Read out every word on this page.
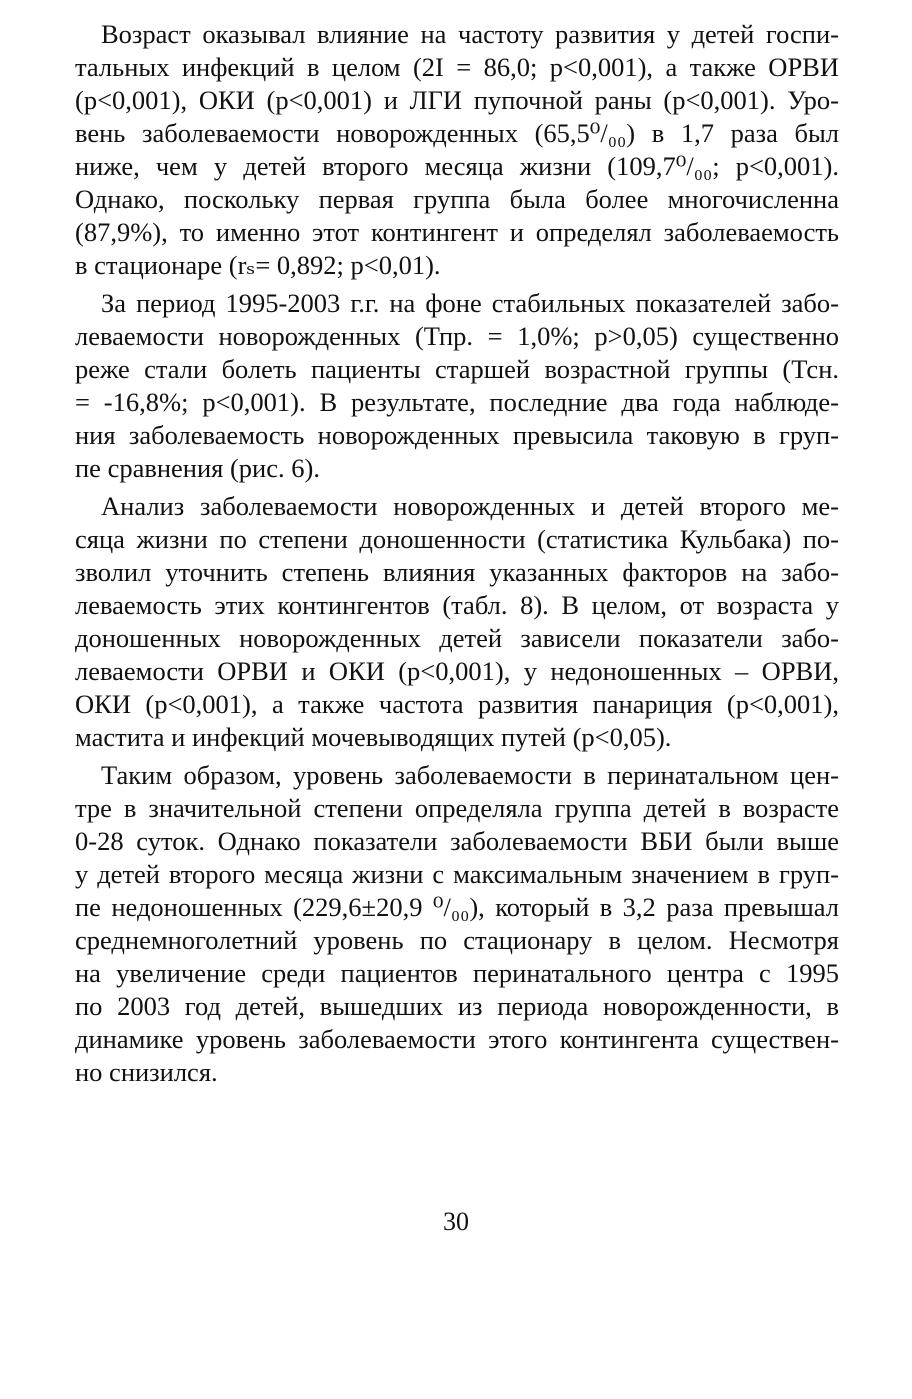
Возраст оказывал влияние на частоту развития у детей госпи-
тальных инфекций в целом (2I = 86,0; p<0,001), а также ОРВИ
(p<0,001), ОКИ (p<0,001) и ЛГИ пупочной раны (p<0,001). Уро-
вень заболеваемости новорожденных (65,5⁰/₀₀) в 1,7 раза был
ниже, чем у детей второго месяца жизни (109,7⁰/₀₀; p<0,001).
Однако, поскольку первая группа была более многочисленна
(87,9%), то именно этот контингент и определял заболеваемость
в стационаре (rₛ= 0,892; p<0,01).
За период 1995-2003 г.г. на фоне стабильных показателей забо-
леваемости новорожденных (Тпр. = 1,0%; p>0,05) существенно
реже стали болеть пациенты старшей возрастной группы (Тсн.
= -16,8%; p<0,001). В результате, последние два года наблюде-
ния заболеваемость новорожденных превысила таковую в груп-
пе сравнения (рис. 6).
Анализ заболеваемости новорожденных и детей второго ме-
сяца жизни по степени доношенности (статистика Кульбака) по-
зволил уточнить степень влияния указанных факторов на забо-
леваемость этих контингентов (табл. 8). В целом, от возраста у
доношенных новорожденных детей зависели показатели забо-
леваемости ОРВИ и ОКИ (p<0,001), у недоношенных – ОРВИ,
ОКИ (p<0,001), а также частота развития панариция (p<0,001),
мастита и инфекций мочевыводящих путей (p<0,05).
Таким образом, уровень заболеваемости в перинатальном цен-
тре в значительной степени определяла группа детей в возрасте
0-28 суток. Однако показатели заболеваемости ВБИ были выше
у детей второго месяца жизни с максимальным значением в груп-
пе недоношенных (229,6±20,9 ⁰/₀₀), который в 3,2 раза превышал
среднемноголетний уровень по стационару в целом. Несмотря
на увеличение среди пациентов перинатального центра с 1995
по 2003 год детей, вышедших из периода новорожденности, в
динамике уровень заболеваемости этого контингента существен-
но снизился.
30
